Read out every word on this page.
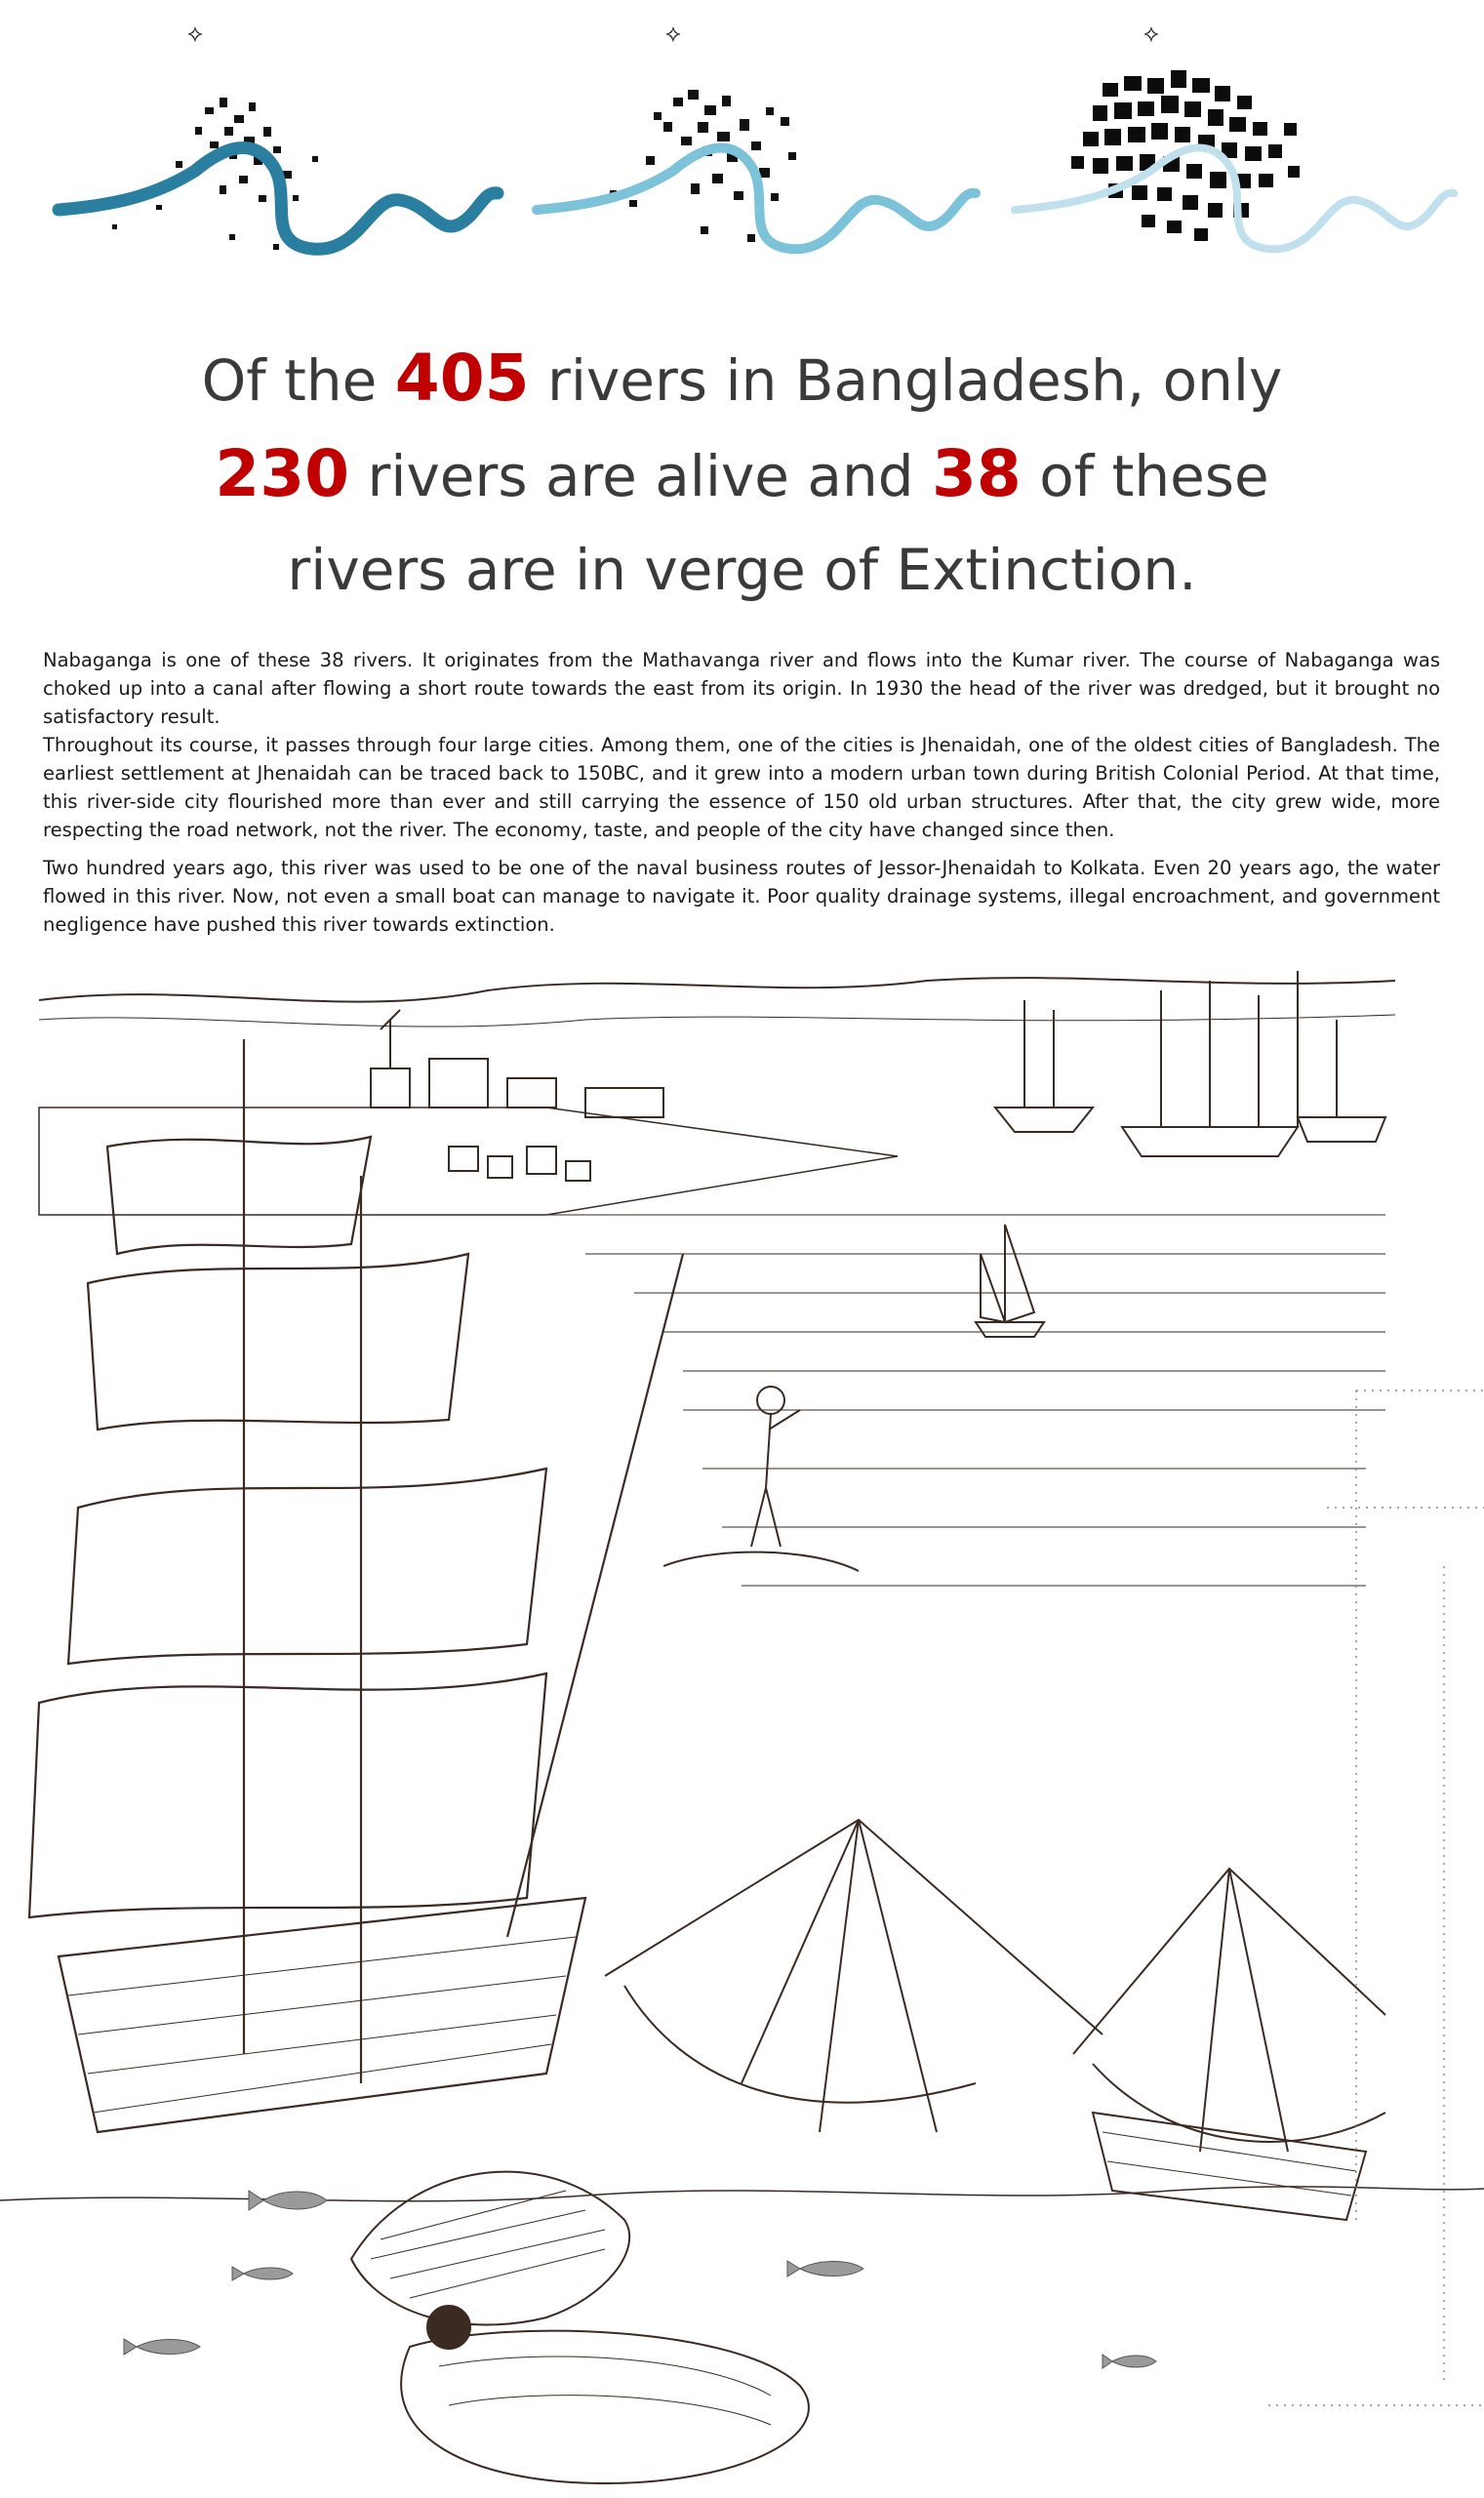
⟡	⟡	⟡
Of the 405 rivers in Bangladesh, only
230 rivers are alive and 38 of these
rivers are in verge of Extinction.

Nabaganga is one of these 38 rivers. It originates from the Mathavanga river and flows into the Kumar river. The course of Nabaganga was choked up into a canal after flowing a short route towards the east from its origin. In 1930 the head of the river was dredged, but it brought no satisfactory result.

Throughout its course, it passes through four large cities. Among them, one of the cities is Jhenaidah, one of the oldest cities of Bangladesh. The earliest settlement at Jhenaidah can be traced back to 150BC, and it grew into a modern urban town during British Colonial Period. At that time, this river-side city flourished more than ever and still carrying the essence of 150 old urban structures. After that, the city grew wide, more respecting the road network, not the river. The economy, taste, and people of the city have changed since then.

Two hundred years ago, this river was used to be one of the naval business routes of Jessor-Jhenaidah to Kolkata. Even 20 years ago, the water flowed in this river. Now, not even a small boat can manage to navigate it. Poor quality drainage systems, illegal encroachment, and government negligence have pushed this river towards extinction.
